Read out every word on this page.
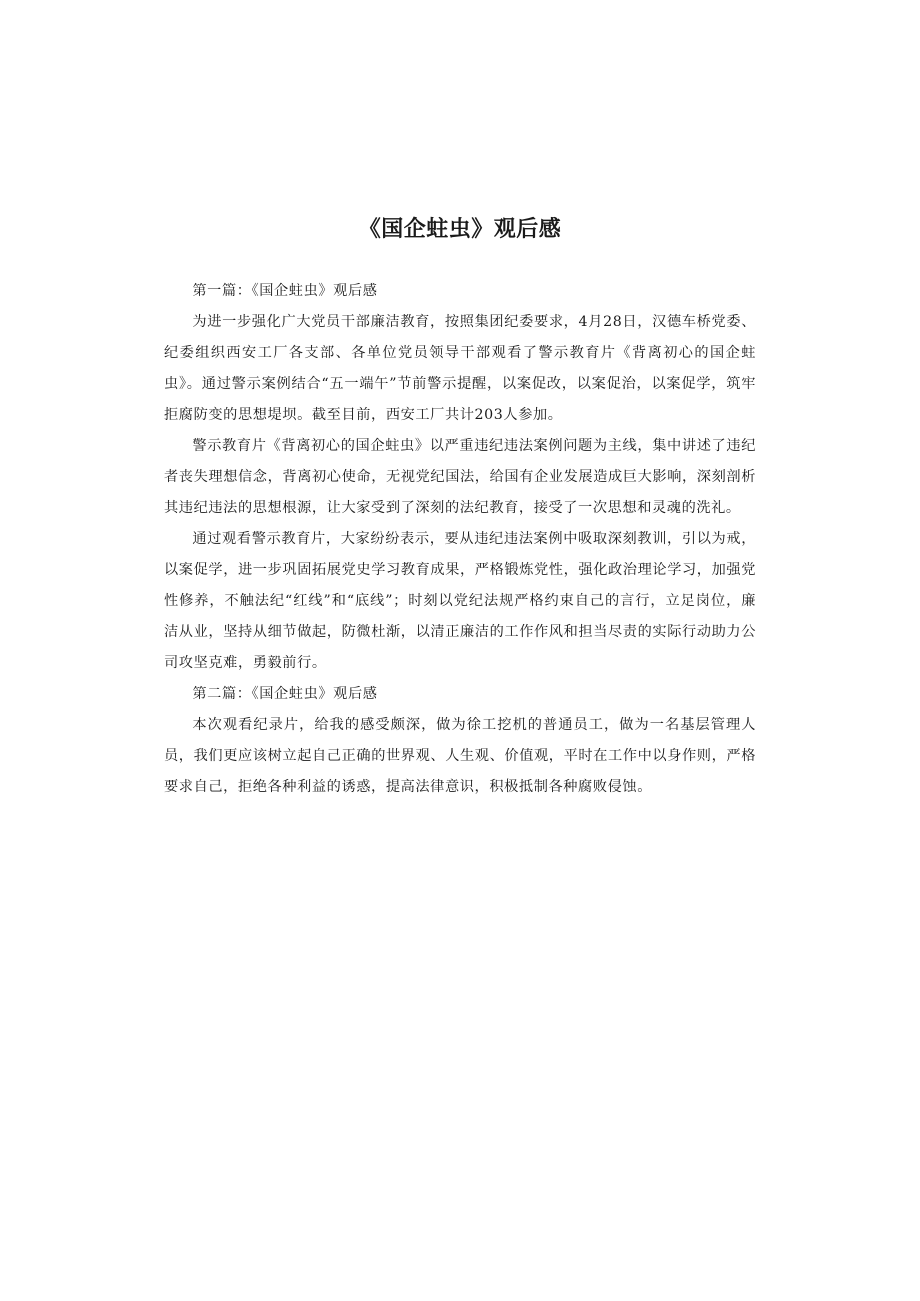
《国企蛀虫》观后感

第一篇：《国企蛀虫》观后感

为进一步强化广大党员干部廉洁教育，按照集团纪委要求，4月28日，汉德车桥党委、纪委组织西安工厂各支部、各单位党员领导干部观看了警示教育片《背离初心的国企蛀虫》。通过警示案例结合“五一端午”节前警示提醒，以案促改，以案促治，以案促学，筑牢拒腐防变的思想堤坝。截至目前，西安工厂共计203人参加。

警示教育片《背离初心的国企蛀虫》以严重违纪违法案例问题为主线，集中讲述了违纪者丧失理想信念，背离初心使命，无视党纪国法，给国有企业发展造成巨大影响，深刻剖析其违纪违法的思想根源，让大家受到了深刻的法纪教育，接受了一次思想和灵魂的洗礼。

通过观看警示教育片，大家纷纷表示，要从违纪违法案例中吸取深刻教训，引以为戒，以案促学，进一步巩固拓展党史学习教育成果，严格锻炼党性，强化政治理论学习，加强党性修养，不触法纪“红线”和“底线”；时刻以党纪法规严格约束自己的言行，立足岗位，廉洁从业，坚持从细节做起，防微杜渐，以清正廉洁的工作作风和担当尽责的实际行动助力公司攻坚克难，勇毅前行。

第二篇：《国企蛀虫》观后感

本次观看纪录片，给我的感受颇深，做为徐工挖机的普通员工，做为一名基层管理人员，我们更应该树立起自己正确的世界观、人生观、价值观，平时在工作中以身作则，严格要求自己，拒绝各种利益的诱惑，提高法律意识，积极抵制各种腐败侵蚀。
